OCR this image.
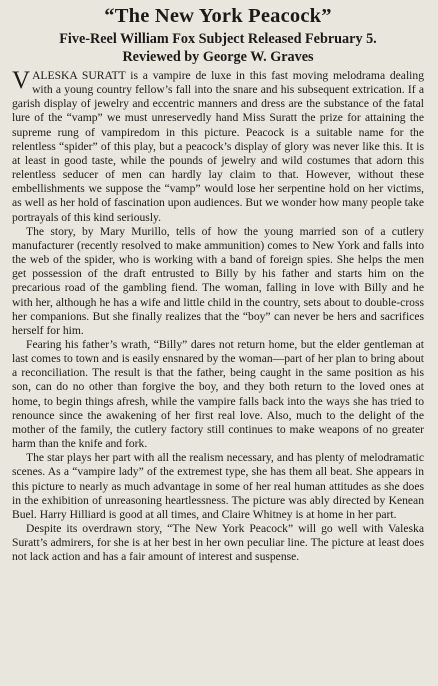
“The New York Peacock”
Five-Reel William Fox Subject Released February 5.
Reviewed by George W. Graves

VALESKA SURATT is a vampire de luxe in this fast moving melodrama dealing with a young country fellow’s fall into the snare and his subsequent extrication. If a garish display of jewelry and eccentric manners and dress are the substance of the fatal lure of the “vamp” we must unreservedly hand Miss Suratt the prize for attaining the supreme rung of vampiredom in this picture. Peacock is a suitable name for the relentless “spider” of this play, but a peacock’s display of glory was never like this. It is at least in good taste, while the pounds of jewelry and wild costumes that adorn this relentless seducer of men can hardly lay claim to that. However, without these embellishments we suppose the “vamp” would lose her serpentine hold on her victims, as well as her hold of fascination upon audiences. But we wonder how many people take portrayals of this kind seriously.

The story, by Mary Murillo, tells of how the young married son of a cutlery manufacturer (recently resolved to make ammunition) comes to New York and falls into the web of the spider, who is working with a band of foreign spies. She helps the men get possession of the draft entrusted to Billy by his father and starts him on the precarious road of the gambling fiend. The woman, falling in love with Billy and he with her, although he has a wife and little child in the country, sets about to double-cross her companions. But she finally realizes that the “boy” can never be hers and sacrifices herself for him.

Fearing his father’s wrath, “Billy” dares not return home, but the elder gentleman at last comes to town and is easily ensnared by the woman—part of her plan to bring about a reconciliation. The result is that the father, being caught in the same position as his son, can do no other than forgive the boy, and they both return to the loved ones at home, to begin things afresh, while the vampire falls back into the ways she has tried to renounce since the awakening of her first real love. Also, much to the delight of the mother of the family, the cutlery factory still continues to make weapons of no greater harm than the knife and fork.

The star plays her part with all the realism necessary, and has plenty of melodramatic scenes. As a “vampire lady” of the extremest type, she has them all beat. She appears in this picture to nearly as much advantage in some of her real human attitudes as she does in the exhibition of unreasoning heartlessness. The picture was ably directed by Kenean Buel. Harry Hilliard is good at all times, and Claire Whitney is at home in her part.

Despite its overdrawn story, “The New York Peacock” will go well with Valeska Suratt’s admirers, for she is at her best in her own peculiar line. The picture at least does not lack action and has a fair amount of interest and suspense.
